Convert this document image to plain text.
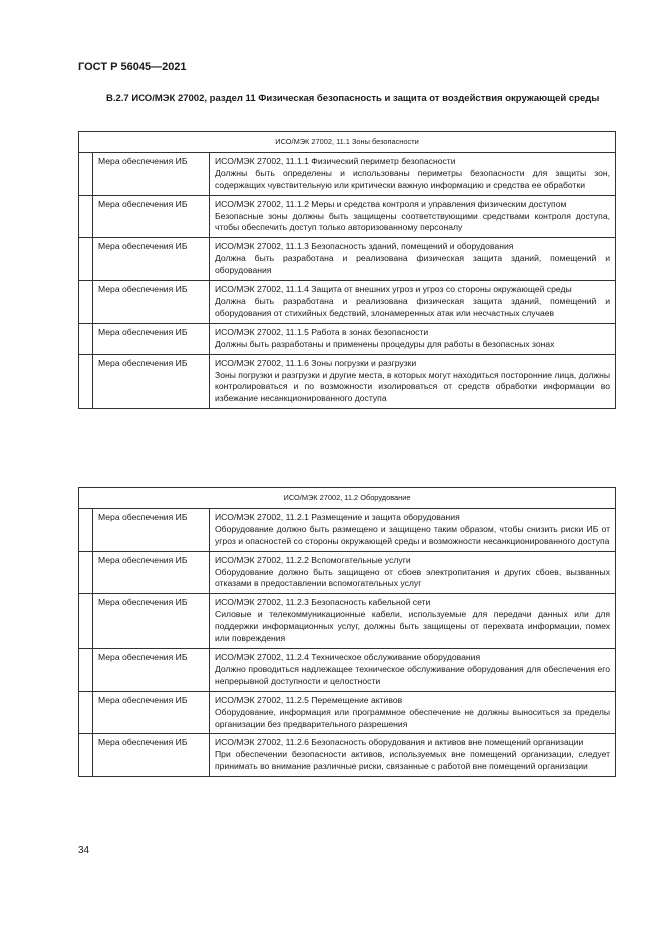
ГОСТ Р 56045—2021
B.2.7 ИСО/МЭК 27002, раздел 11 Физическая безопасность и защита от воздействия окружающей среды
ИСО/МЭК 27002, 11.1 Зоны безопасности		
	Мера обеспечения ИБ	ИСО/МЭК 27002, 11.1.1 Физический периметр безопасности
Должны быть определены и использованы периметры безопасности для защиты зон, содержащих чувствительную или критически важную информацию и средства ее обработки

	Мера обеспечения ИБ	ИСО/МЭК 27002, 11.1.2 Меры и средства контроля и управления физическим доступом
Безопасные зоны должны быть защищены соответствующими средствами контроля доступа, чтобы обеспечить доступ только авторизованному персоналу

	Мера обеспечения ИБ	ИСО/МЭК 27002, 11.1.3 Безопасность зданий, помещений и оборудования
Должна быть разработана и реализована физическая защита зданий, помещений и оборудования

	Мера обеспечения ИБ	ИСО/МЭК 27002, 11.1.4 Защита от внешних угроз и угроз со стороны окружающей среды
Должна быть разработана и реализована физическая защита зданий, помещений и оборудования от стихийных бедствий, злонамеренных атак или несчастных случаев

	Мера обеспечения ИБ	ИСО/МЭК 27002, 11.1.5 Работа в зонах безопасности
Должны быть разработаны и применены процедуры для работы в безопасных зонах

	Мера обеспечения ИБ	ИСО/МЭК 27002, 11.1.6 Зоны погрузки и разгрузки
Зоны погрузки и разгрузки и другие места, в которых могут находиться посторонние лица, должны контролироваться и по возможности изолироваться от средств обработки информации во избежание несанкционированного доступа
ИСО/МЭК 27002, 11.2 Оборудование		
	Мера обеспечения ИБ	ИСО/МЭК 27002, 11.2.1 Размещение и защита оборудования
Оборудование должно быть размещено и защищено таким образом, чтобы снизить риски ИБ от угроз и опасностей со стороны окружающей среды и возможности несанкционированного доступа

	Мера обеспечения ИБ	ИСО/МЭК 27002, 11.2.2 Вспомогательные услуги
Оборудование должно быть защищено от сбоев электропитания и других сбоев, вызванных отказами в предоставлении вспомогательных услуг

	Мера обеспечения ИБ	ИСО/МЭК 27002, 11.2.3 Безопасность кабельной сети
Силовые и телекоммуникационные кабели, используемые для передачи данных или для поддержки информационных услуг, должны быть защищены от перехвата информации, помех или повреждения

	Мера обеспечения ИБ	ИСО/МЭК 27002, 11.2.4 Техническое обслуживание оборудования
Должно проводиться надлежащее техническое обслуживание оборудования для обеспечения его непрерывной доступности и целостности

	Мера обеспечения ИБ	ИСО/МЭК 27002, 11.2.5 Перемещение активов
Оборудование, информация или программное обеспечение не должны выноситься за пределы организации без предварительного разрешения

	Мера обеспечения ИБ	ИСО/МЭК 27002, 11.2.6 Безопасность оборудования и активов вне помещений организации
При обеспечении безопасности активов, используемых вне помещений организации, следует принимать во внимание различные риски, связанные с работой вне помещений организации
34
